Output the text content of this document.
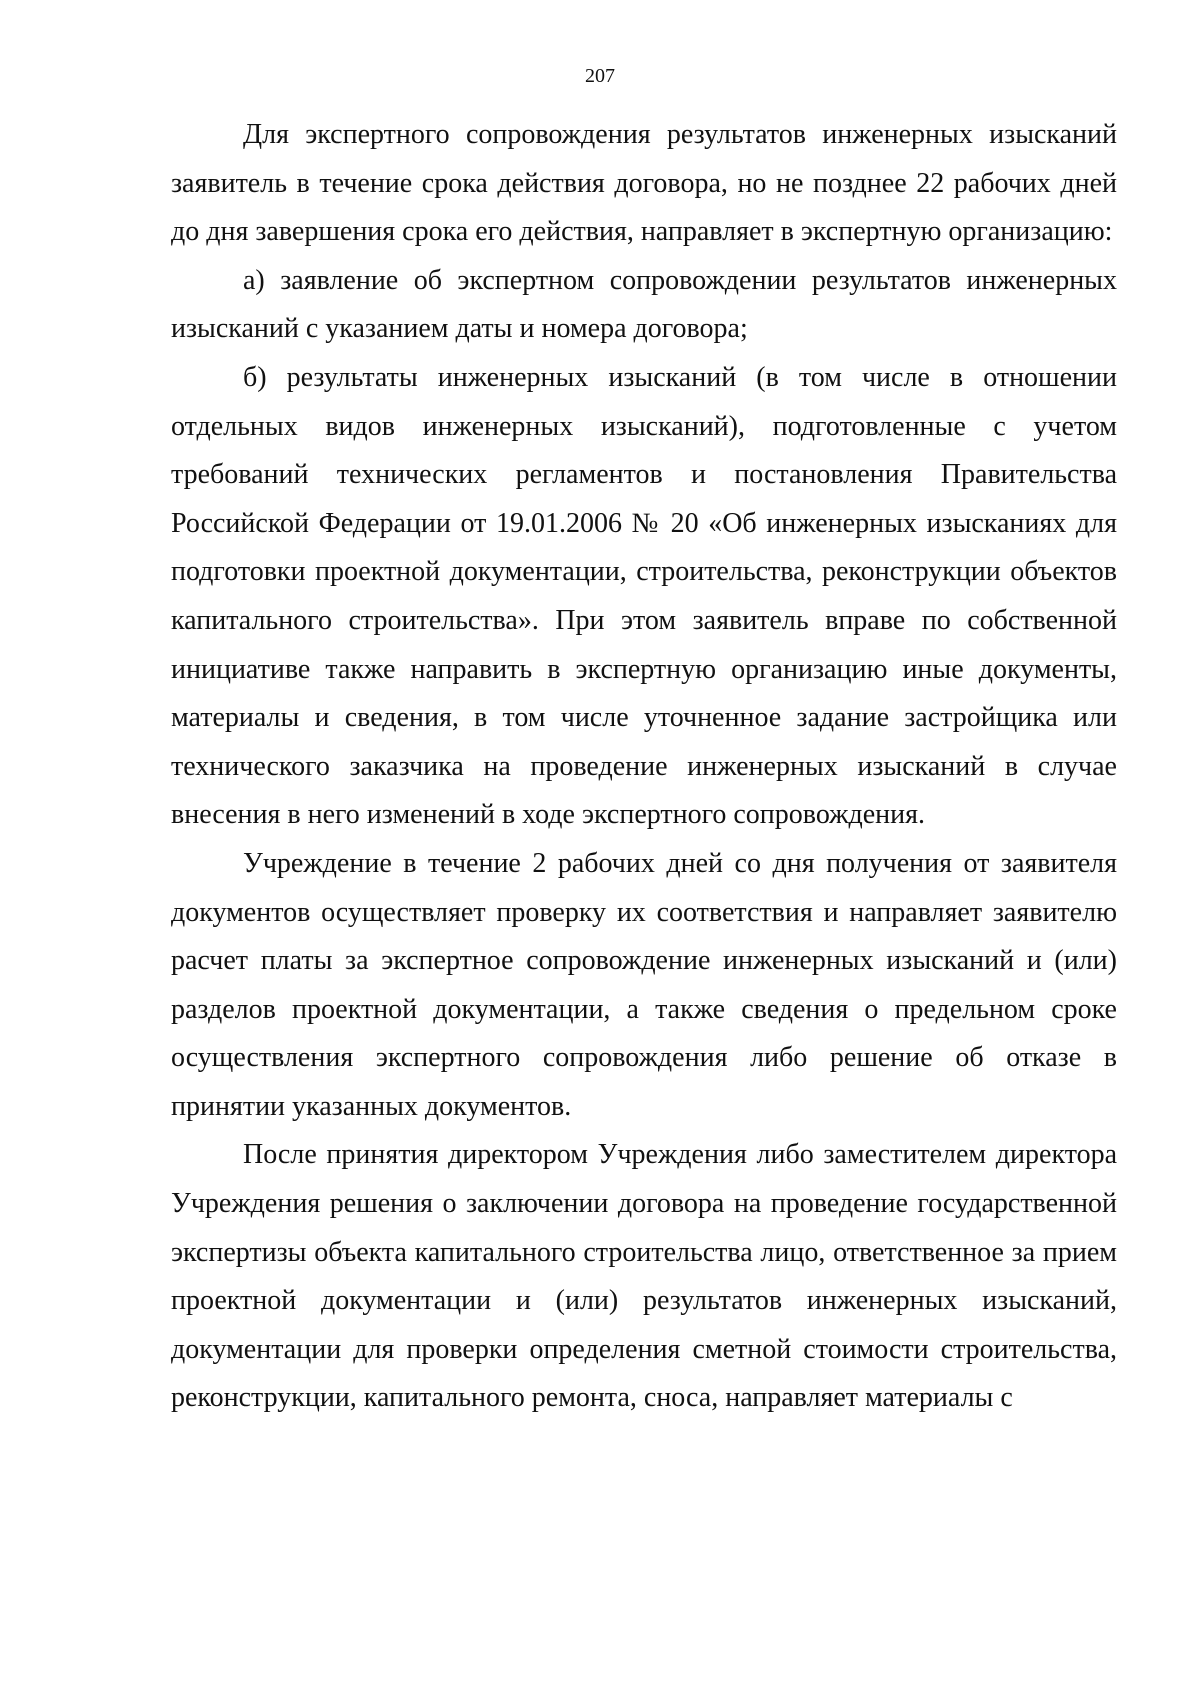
207

Для экспертного сопровождения результатов инженерных изысканий заявитель в течение срока действия договора, но не позднее 22 рабочих дней до дня завершения срока его действия, направляет в экспертную организацию:

а) заявление об экспертном сопровождении результатов инженерных изысканий с указанием даты и номера договора;

б) результаты инженерных изысканий (в том числе в отношении отдельных видов инженерных изысканий), подготовленные с учетом требований технических регламентов и постановления Правительства Российской Федерации от 19.01.2006 № 20 «Об инженерных изысканиях для подготовки проектной документации, строительства, реконструкции объектов капитального строительства». При этом заявитель вправе по собственной инициативе также направить в экспертную организацию иные документы, материалы и сведения, в том числе уточненное задание застройщика или технического заказчика на проведение инженерных изысканий в случае внесения в него изменений в ходе экспертного сопровождения.

Учреждение в течение 2 рабочих дней со дня получения от заявителя документов осуществляет проверку их соответствия и направляет заявителю расчет платы за экспертное сопровождение инженерных изысканий и (или) разделов проектной документации, а также сведения о предельном сроке осуществления экспертного сопровождения либо решение об отказе в принятии указанных документов.

После принятия директором Учреждения либо заместителем директора Учреждения решения о заключении договора на проведение государственной экспертизы объекта капитального строительства лицо, ответственное за прием проектной документации и (или) результатов инженерных изысканий, документации для проверки определения сметной стоимости строительства, реконструкции, капитального ремонта, сноса, направляет материалы с
